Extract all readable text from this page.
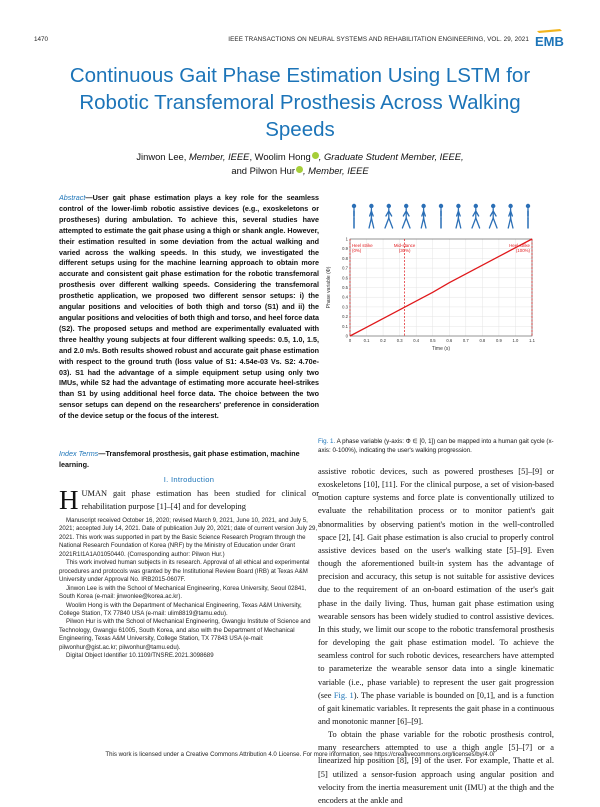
1470	IEEE TRANSACTIONS ON NEURAL SYSTEMS AND REHABILITATION ENGINEERING, VOL. 29, 2021 EMB
Continuous Gait Phase Estimation Using LSTM for Robotic Transfemoral Prosthesis Across Walking Speeds
Jinwon Lee, Member, IEEE, Woolim Hong , Graduate Student Member, IEEE,
and Pilwon Hur , Member, IEEE
Abstract—User gait phase estimation plays a key role for the seamless control of the lower-limb robotic assistive devices (e.g., exoskeletons or prostheses) during ambulation. To achieve this, several studies have attempted to estimate the gait phase using a thigh or shank angle. However, their estimation resulted in some deviation from the actual walking and varied across the walking speeds. In this study, we investigated the different setups using for the machine learning approach to obtain more accurate and consistent gait phase estimation for the robotic transfemoral prosthesis over different walking speeds. Considering the transfemoral prosthetic application, we proposed two different sensor setups: i) the angular positions and velocities of both thigh and torso (S1) and ii) the angular positions and velocities of both thigh and torso, and heel force data (S2). The proposed setups and method are experimentally evaluated with three healthy young subjects at four different walking speeds: 0.5, 1.0, 1.5, and 2.0 m/s. Both results showed robust and accurate gait phase estimation with respect to the ground truth (loss value of S1: 4.54e-03 Vs. S2: 4.70e-03). S1 had the advantage of a simple equipment setup using only two IMUs, while S2 had the advantage of estimating more accurate heel-strikes than S1 by using additional heel force data. The choice between the two sensor setups can depend on the researchers' preference in consideration of the device setup or the focus of the interest.
Index Terms—Transfemoral prosthesis, gait phase estimation, machine learning.
I. Introduction
HUMAN gait phase estimation has been studied for clinical or rehabilitation purpose [1]–[4] and for developing

Manuscript received October 16, 2020; revised March 9, 2021, June 10, 2021, and July 5, 2021; accepted July 14, 2021. Date of publication July 20, 2021; date of current version July 29, 2021. This work was supported in part by the Basic Science Research Program through the National Research Foundation of Korea (NRF) by the Ministry of Education under Grant 2021R1I1A1A01050440. (Corresponding author: Pilwon Hur.)

This work involved human subjects in its research. Approval of all ethical and experimental procedures and protocols was granted by the Institutional Review Board (IRB) at Texas A&M University under Approval No. IRB2015-0607F.

Jinwon Lee is with the School of Mechanical Engineering, Korea University, Seoul 02841, South Korea (e-mail: jinwonlee@korea.ac.kr).

Woolim Hong is with the Department of Mechanical Engineering, Texas A&M University, College Station, TX 77840 USA (e-mail: ulim8819@tamu.edu).

Pilwon Hur is with the School of Mechanical Engineering, Gwangju Institute of Science and Technology, Gwangju 61005, South Korea, and also with the Department of Mechanical Engineering, Texas A&M University, College Station, TX 77843 USA (e-mail: pilwonhur@gist.ac.kr; pilwonhur@tamu.edu).

Digital Object Identifier 10.1109/TNSRE.2021.3098689

0
0.1
0.2
0.3
0.4
0.5
0.6
0.7
0.8
0.9
1
0	0.1	0.2	0.3	0.4	0.5	0.6	0.7	0.8	0.9	1.0	1.1
Phase variable (Φ)
Time (s)
Heel strike
(0%)
Mid-stance
(30%)
Heel strike
(100%)
Fig. 1. A phase variable (y-axis: Φ ∈ [0, 1]) can be mapped into a human gait cycle (x-axis: 0-100%), indicating the user's walking progression.

assistive robotic devices, such as powered prostheses [5]–[9] or exoskeletons [10], [11]. For the clinical purpose, a set of vision-based motion capture systems and force plate is conventionally utilized to evaluate the rehabilitation process or to monitor patient's gait abnormalities by observing patient's motion in the well-controlled space [2], [4]. Gait phase estimation is also crucial to properly control assistive devices based on the user's walking state [5]–[9]. Even though the aforementioned built-in system has the advantage of precision and accuracy, this setup is not suitable for assistive devices due to the requirement of an on-board estimation of the user's gait phase in the daily living. Thus, human gait phase estimation using wearable sensors has been widely studied to control assistive devices. In this study, we limit our scope to the robotic transfemoral prosthesis for developing the gait phase estimation model. To achieve the seamless control for such robotic devices, researchers have attempted to parameterize the wearable sensor data into a single kinematic variable (i.e., phase variable) to represent the user gait progression (see Fig. 1). The phase variable is bounded on [0,1], and is a function of gait kinematic variables. It represents the gait phase in a continuous and monotonic manner [6]–[9].

To obtain the phase variable for the robotic prosthesis control, many researchers attempted to use a thigh angle [5]–[7] or a linearized hip position [8], [9] of the user. For example, Thatte et al. [5] utilized a sensor-fusion approach using angular position and velocity from the inertia measurement unit (IMU) at the thigh and the encoders at the ankle and

This work is licensed under a Creative Commons Attribution 4.0 License. For more information, see https://creativecommons.org/licenses/by/4.0/
